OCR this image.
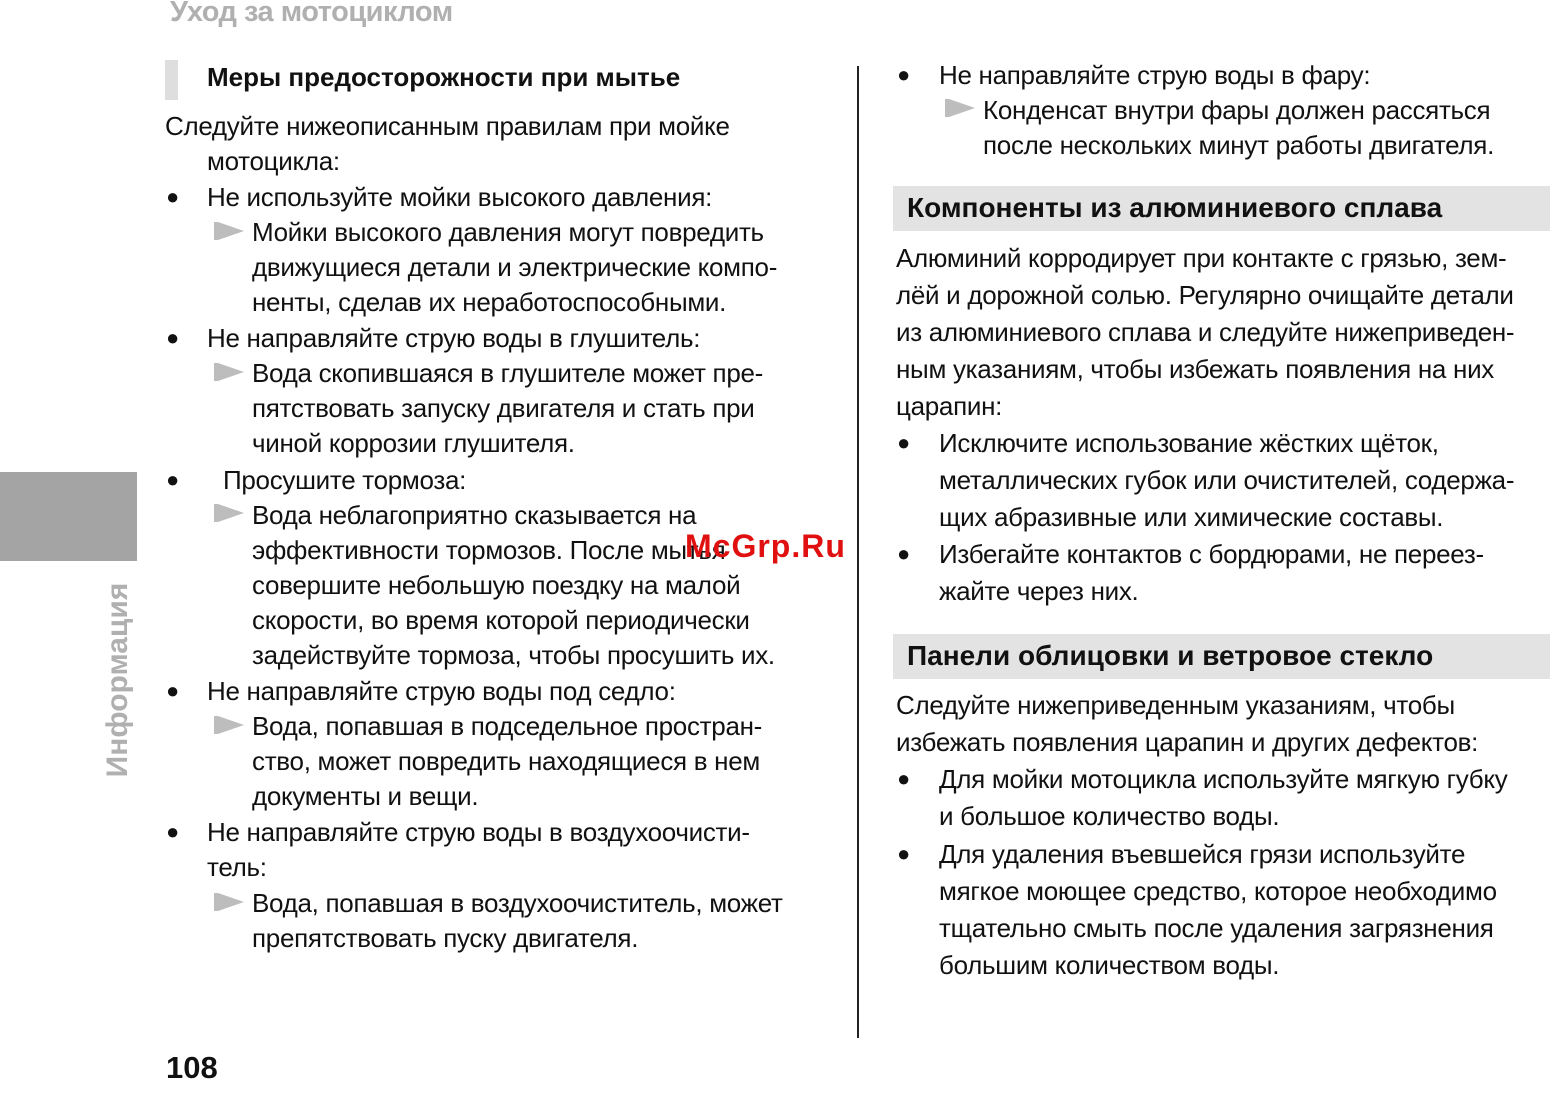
Уход за мотоциклом
Информация
108
Меры предосторожности при мытье
Следуйте нижеописанным правилам при мойке
мотоцикла:
● Не используйте мойки высокого давления:
Мойки высокого давления могут повредить
движущиеся детали и электрические компо-
ненты, сделав их неработоспособными.
● Не направляйте струю воды в глушитель:
Вода скопившаяся в глушителе может пре-
пятствовать запуску двигателя и стать при
чиной коррозии глушителя.
● Просушите тормоза:
Вода неблагоприятно сказывается на
эффективности тормозов. После мытья
совершите небольшую поездку на малой
скорости, во время которой периодически
задействуйте тормоза, чтобы просушить их.
● Не направляйте струю воды под седло:
Вода, попавшая в подседельное простран-
ство, может повредить находящиеся в нем
документы и вещи.
● Не направляйте струю воды в воздухоочисти-
тель:
Вода, попавшая в воздухоочиститель, может
препятствовать пуску двигателя.
● Не направляйте струю воды в фару:
Конденсат внутри фары должен рассяться
после нескольких минут работы двигателя.
Компоненты из алюминиевого сплава
Алюминий корродирует при контакте с грязью, зем-
лёй и дорожной солью. Регулярно очищайте детали
из алюминиевого сплава и следуйте нижеприведен-
ным указаниям, чтобы избежать появления на них
царапин:
● Исключите использование жёстких щёток,
металлических губок или очистителей, содержа-
щих абразивные или химические составы.
● Избегайте контактов с бордюрами, не переез-
жайте через них.
Панели облицовки и ветровое стекло
Следуйте нижеприведенным указаниям, чтобы
избежать появления царапин и других дефектов:
● Для мойки мотоцикла используйте мягкую губку
и большое количество воды.
● Для удаления въевшейся грязи используйте
мягкое моющее средство, которое необходимо
тщательно смыть после удаления загрязнения
большим количеством воды.
McGrp.Ru
